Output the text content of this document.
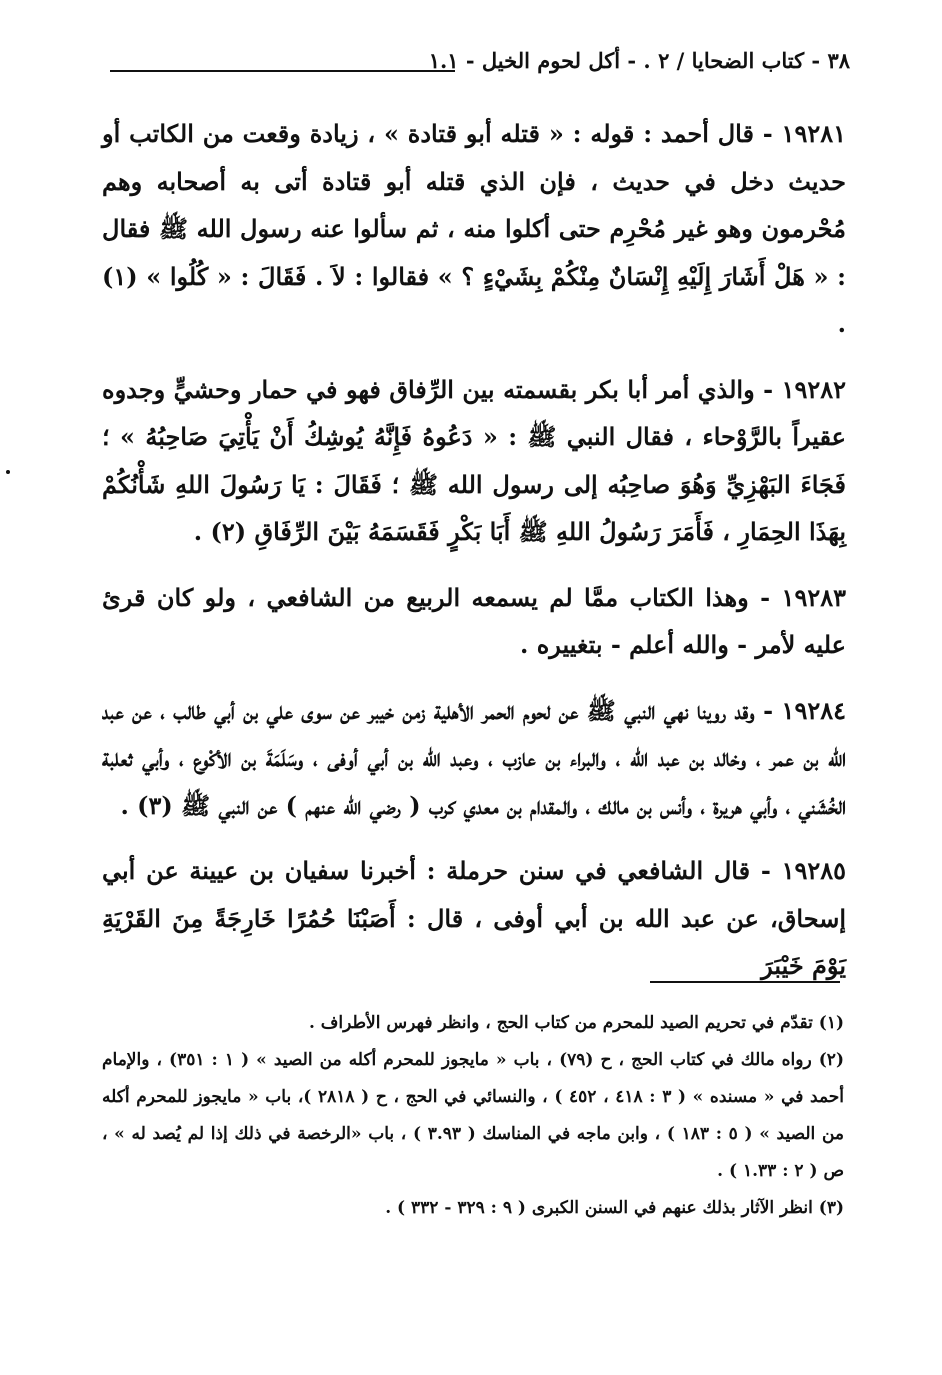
٣٨ - كتاب الضحايا / ٢ . - أكل لحوم الخيل - ١.١

١٩٢٨١ - قال أحمد : قوله : « قتله أبو قتادة » ، زيادة وقعت من الكاتب أو حديث دخل في حديث ، فإن الذي قتله أبو قتادة أتى به أصحابه وهم مُحْرمون وهو غير مُحْرِم حتى أكلوا منه ، ثم سألوا عنه رسول الله ﷺ فقال : « هَلْ أَشَارَ إِلَيْهِ إِنْسَانٌ مِنْكُمْ بِشَيْءٍ ؟ » فقالوا : لاَ . فَقَالَ : « كُلُوا » (١) .

١٩٢٨٢ - والذي أمر أبا بكر بقسمته بين الرِّفاق فهو في حمار وحشيٍّ وجدوه عقيراً بالرَّوْحاء ، فقال النبي ﷺ : « دَعُوهُ فَإِنَّهُ يُوشِكُ أَنْ يَأْتِيَ صَاحِبُهُ » ؛ فَجَاءَ البَهْزِيِّ وَهُوَ صاحِبُه إلى رسول الله ﷺ ؛ فَقَالَ : يَا رَسُولَ اللهِ شَأْنُكُمْ بِهَذَا الحِمَارِ ، فَأَمَرَ رَسُولُ اللهِ ﷺ أَبَا بَكْرٍ فَقَسَمَهُ بَيْنَ الرِّفَاقِ (٢) .

١٩٢٨٣ - وهذا الكتاب ممَّا لم يسمعه الربيع من الشافعي ، ولو كان قرئ عليه لأمر - والله أعلم - بتغييره .

١٩٢٨٤ - وقد روينا نهي النبي ﷺ عن لحوم الحمر الأهلية زمن خيبر عن سوى علي بن أبي طالب ، عن عبد الله بن عمر ، وخالد بن عبد الله ، والبراء بن عازب ، وعبد الله بن أبي أوفى ، وسَلَمَةَ بن الأكْوع ، وأبي ثعلبة الخُشَني ، وأبي هريرة ، وأنس بن مالك ، والمقدام بن معدي كرب ( رضي الله عنهم ) عن النبي ﷺ (٣) .

١٩٢٨٥ - قال الشافعي في سنن حرملة : أخبرنا سفيان بن عيينة عن أبي إسحاق، عن عبد الله بن أبي أوفى ، قال : أَصَبْنَا حُمُرًا خَارِجَةً مِنَ القَرْيَةِ يَوْمَ خَيْبَرَ

(١) تقدّم في تحريم الصيد للمحرم من كتاب الحج ، وانظر فهرس الأطراف .

(٢) رواه مالك في كتاب الحج ، ح (٧٩) ، باب « مايجوز للمحرم أكله من الصيد » ( ١ : ٣٥١) ، والإمام أحمد في « مسنده » ( ٣ : ٤١٨ ، ٤٥٢ ) ، والنسائي في الحج ، ح ( ٢٨١٨ )، باب « مايجوز للمحرم أكله من الصيد » ( ٥ : ١٨٣ ) ، وابن ماجه في المناسك ( ٣.٩٣ ) ، باب «الرخصة في ذلك إذا لم يُصد له » ، ص ( ٢ : ١.٣٣ ) .

(٣) انظر الآثار بذلك عنهم في السنن الكبرى ( ٩ : ٣٢٩ - ٣٣٢ ) .
